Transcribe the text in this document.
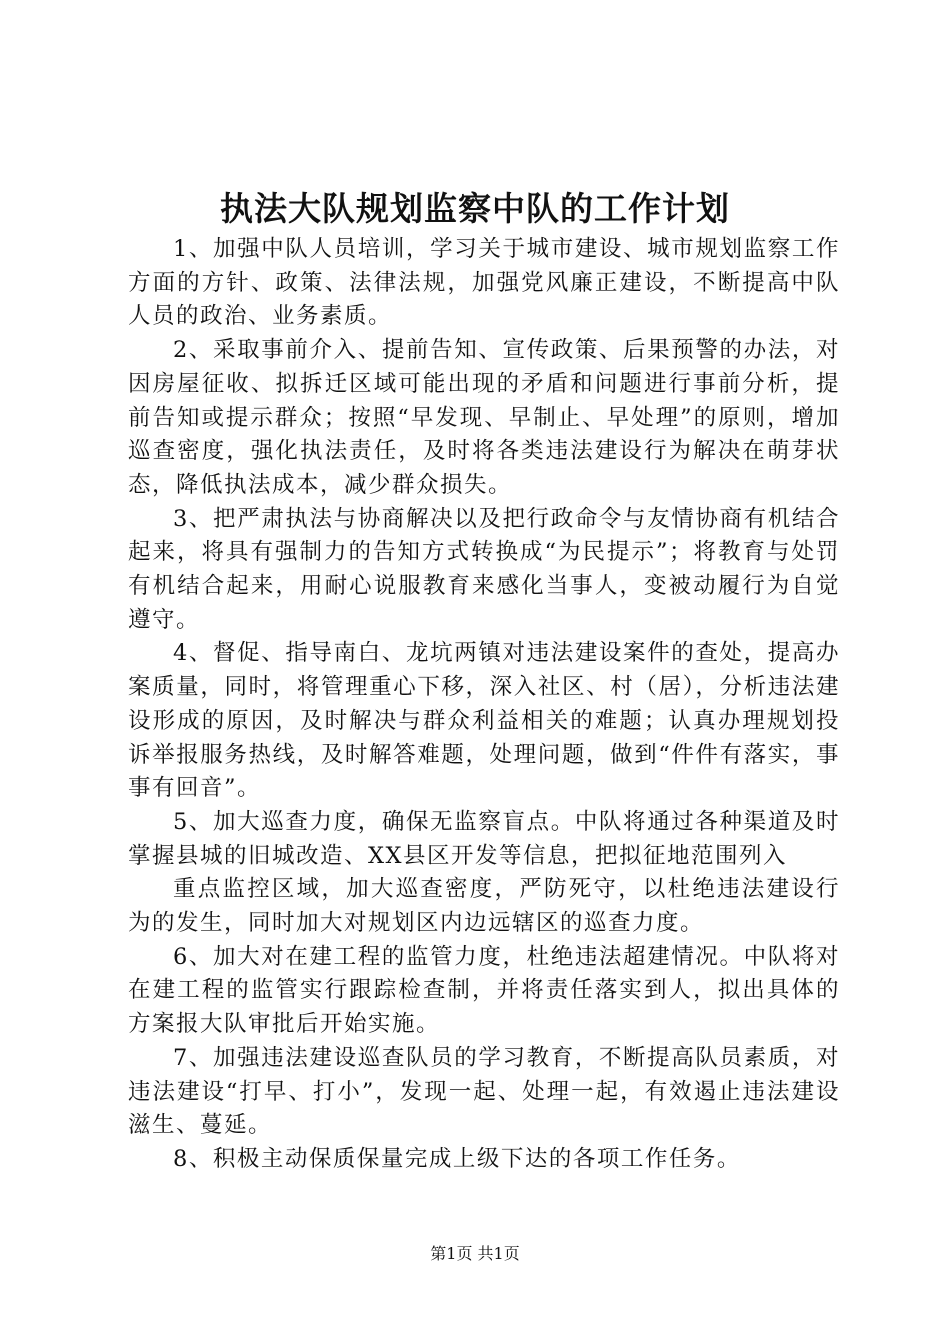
执法大队规划监察中队的工作计划

1、加强中队人员培训，学习关于城市建设、城市规划监察工作方面的方针、政策、法律法规，加强党风廉正建设，不断提高中队人员的政治、业务素质。

2、采取事前介入、提前告知、宣传政策、后果预警的办法，对因房屋征收、拟拆迁区域可能出现的矛盾和问题进行事前分析，提前告知或提示群众；按照“早发现、早制止、早处理”的原则，增加巡查密度，强化执法责任，及时将各类违法建设行为解决在萌芽状态，降低执法成本，减少群众损失。

3、把严肃执法与协商解决以及把行政命令与友情协商有机结合起来，将具有强制力的告知方式转换成“为民提示”；将教育与处罚有机结合起来，用耐心说服教育来感化当事人，变被动履行为自觉遵守。

4、督促、指导南白、龙坑两镇对违法建设案件的查处，提高办案质量，同时，将管理重心下移，深入社区、村（居），分析违法建设形成的原因，及时解决与群众利益相关的难题；认真办理规划投诉举报服务热线，及时解答难题，处理问题，做到“件件有落实，事事有回音”。

5、加大巡查力度，确保无监察盲点。中队将通过各种渠道及时掌握县城的旧城改造、XX县区开发等信息，把拟征地范围列入

重点监控区域，加大巡查密度，严防死守，以杜绝违法建设行为的发生，同时加大对规划区内边远辖区的巡查力度。

6、加大对在建工程的监管力度，杜绝违法超建情况。中队将对在建工程的监管实行跟踪检查制，并将责任落实到人，拟出具体的方案报大队审批后开始实施。

7、加强违法建设巡查队员的学习教育，不断提高队员素质，对违法建设“打早、打小”，发现一起、处理一起，有效遏止违法建设滋生、蔓延。

8、积极主动保质保量完成上级下达的各项工作任务。

第1页 共1页
